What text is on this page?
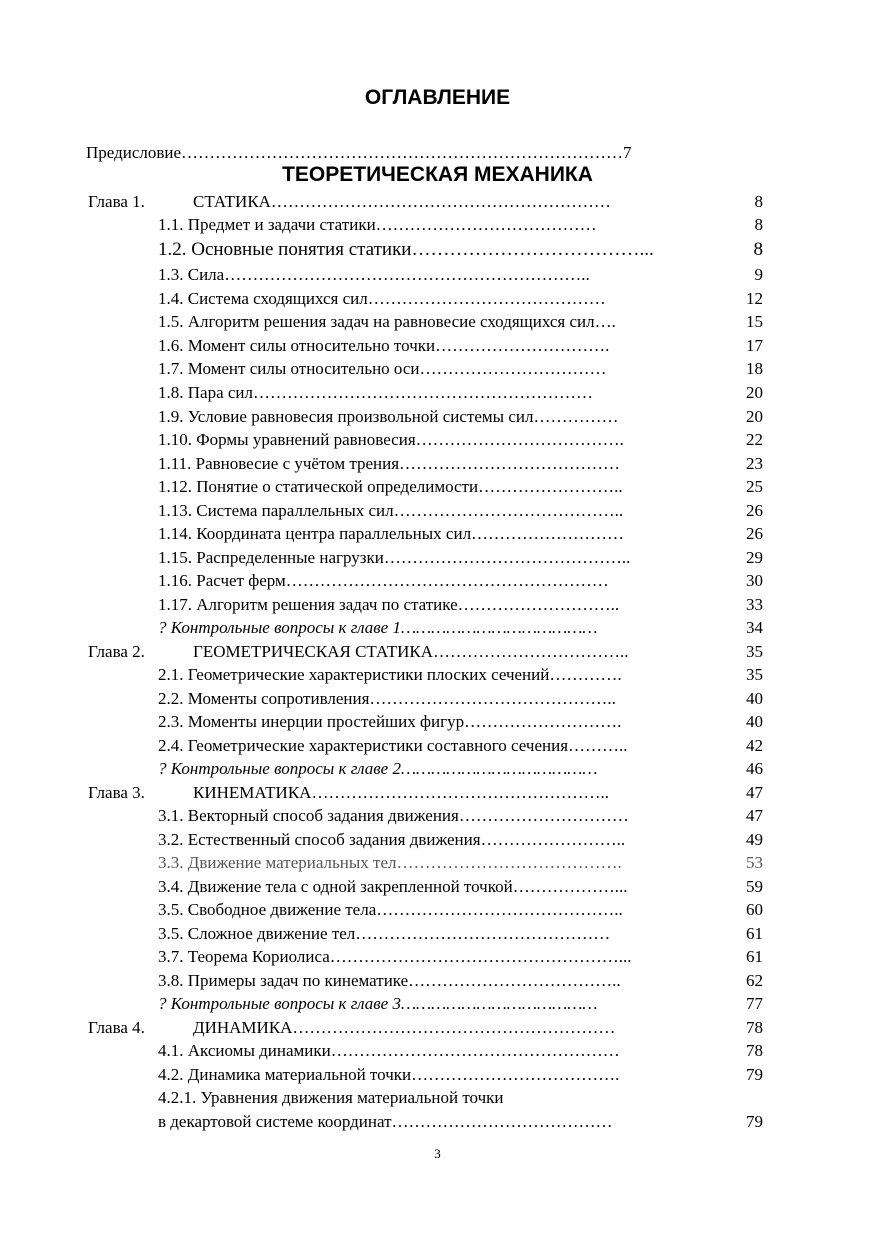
ОГЛАВЛЕНИЕ
Предисловие……………………………………………………………………7
ТЕОРЕТИЧЕСКАЯ МЕХАНИКА
Глава 1.	СТАТИКА……………………………………………………	8
1.1. Предмет и задачи статики…………………………………	8
1.2. Основные понятия статики………………………………...	8
1.3. Сила………………………………………………………..	9
1.4. Система сходящихся сил……………………………………	12
1.5. Алгоритм решения задач на равновесие сходящихся сил….	15
1.6. Момент силы относительно точки………………………….	17
1.7. Момент силы относительно оси……………………………	18
1.8. Пара сил……………………………………………………	20
1.9. Условие равновесия произвольной системы сил……………	20
1.10. Формы уравнений равновесия……………………………….	22
1.11. Равновесие с учётом трения…………………………………	23
1.12. Понятие о статической определимости……………………..	25
1.13. Система параллельных сил…………………………………..	26
1.14. Координата центра параллельных сил………………………	26
1.15. Распределенные нагрузки……………………………………..	29
1.16. Расчет ферм…………………………………………………	30
1.17. Алгоритм решения задач по статике………………………..	33
? Контрольные вопросы к главе 1…………………………………	34
Глава 2.	ГЕОМЕТРИЧЕСКАЯ СТАТИКА……………………………..	35
2.1. Геометрические характеристики плоских сечений………….	35
2.2. Моменты сопротивления……………………………………..	40
2.3. Моменты инерции простейших фигур……………………….	40
2.4. Геометрические характеристики составного сечения………..	42
? Контрольные вопросы к главе 2…………………………………	46
Глава 3.	КИНЕМАТИКА……………………………………………..	47
3.1. Векторный способ задания движения…………………………	47
3.2. Естественный способ задания движения……………………..	49
3.3. Движение материальных тел………………………………….	53
3.4. Движение тела с одной закрепленной точкой………………...	59
3.5. Свободное движение тела……………………………………..	60
3.5. Сложное движение тел………………………………………	61
3.7. Теорема Кориолиса……………………………………………...	61
3.8. Примеры задач по кинематике………………………………..	62
? Контрольные вопросы к главе 3…………………………………	77
Глава 4.	ДИНАМИКА…………………………………………………	78
4.1. Аксиомы динамики……………………………………………	78
4.2. Динамика материальной точки……………………………….	79
4.2.1. Уравнения движения материальной точки
в декартовой системе координат…………………………………	79
3
